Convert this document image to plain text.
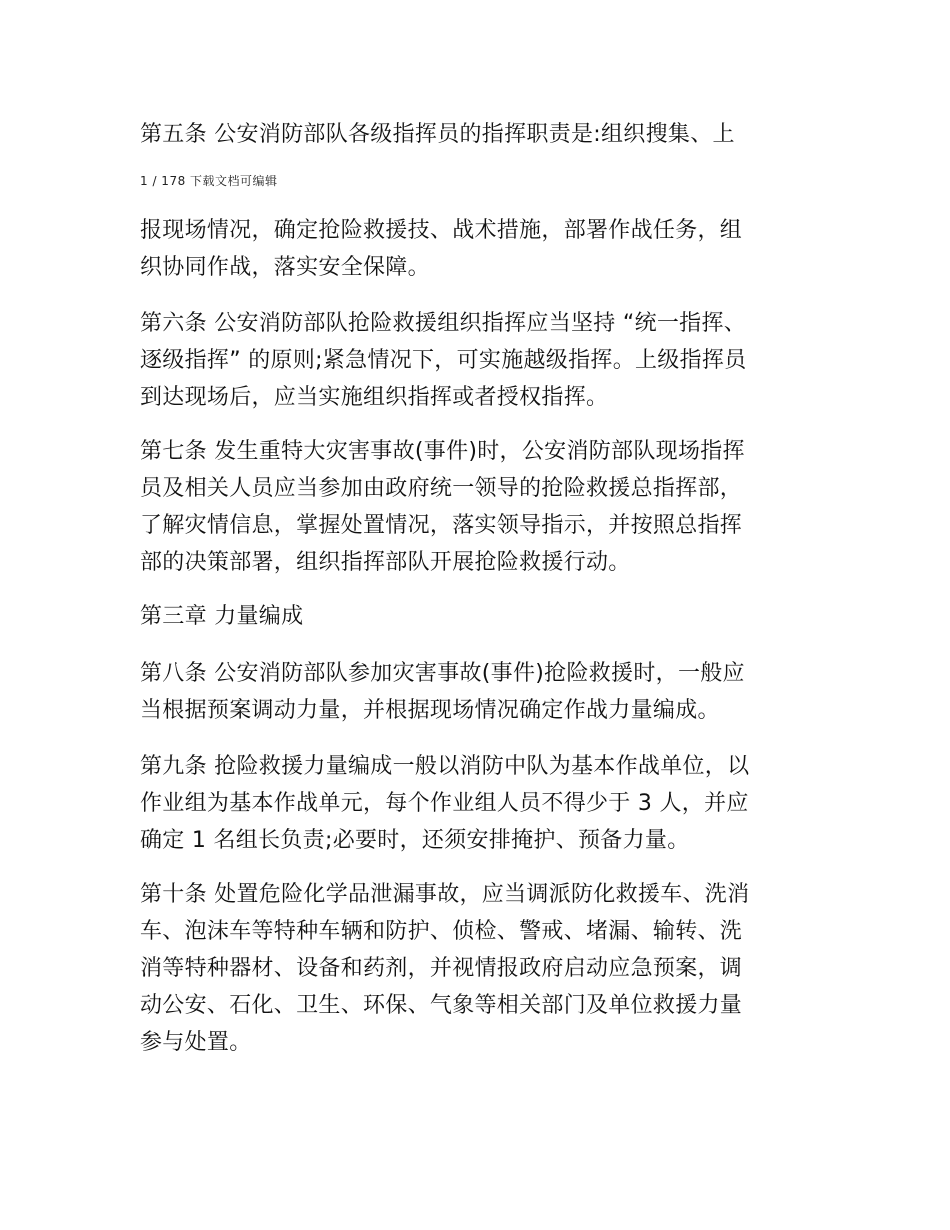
第五条 公安消防部队各级指挥员的指挥职责是:组织搜集、上
1 / 178 下载文档可编辑
报现场情况，确定抢险救援技、战术措施，部署作战任务，组
织协同作战，落实安全保障。
第六条 公安消防部队抢险救援组织指挥应当坚持 “统一指挥、
逐级指挥” 的原则;紧急情况下，可实施越级指挥。上级指挥员
到达现场后，应当实施组织指挥或者授权指挥。
第七条 发生重特大灾害事故(事件)时，公安消防部队现场指挥
员及相关人员应当参加由政府统一领导的抢险救援总指挥部，
了解灾情信息，掌握处置情况，落实领导指示，并按照总指挥
部的决策部署，组织指挥部队开展抢险救援行动。
第三章 力量编成
第八条 公安消防部队参加灾害事故(事件)抢险救援时，一般应
当根据预案调动力量，并根据现场情况确定作战力量编成。
第九条 抢险救援力量编成一般以消防中队为基本作战单位，以
作业组为基本作战单元，每个作业组人员不得少于 3 人，并应
确定 1 名组长负责;必要时，还须安排掩护、预备力量。
第十条 处置危险化学品泄漏事故，应当调派防化救援车、洗消
车、泡沫车等特种车辆和防护、侦检、警戒、堵漏、输转、洗
消等特种器材、设备和药剂，并视情报政府启动应急预案，调
动公安、石化、卫生、环保、气象等相关部门及单位救援力量
参与处置。
